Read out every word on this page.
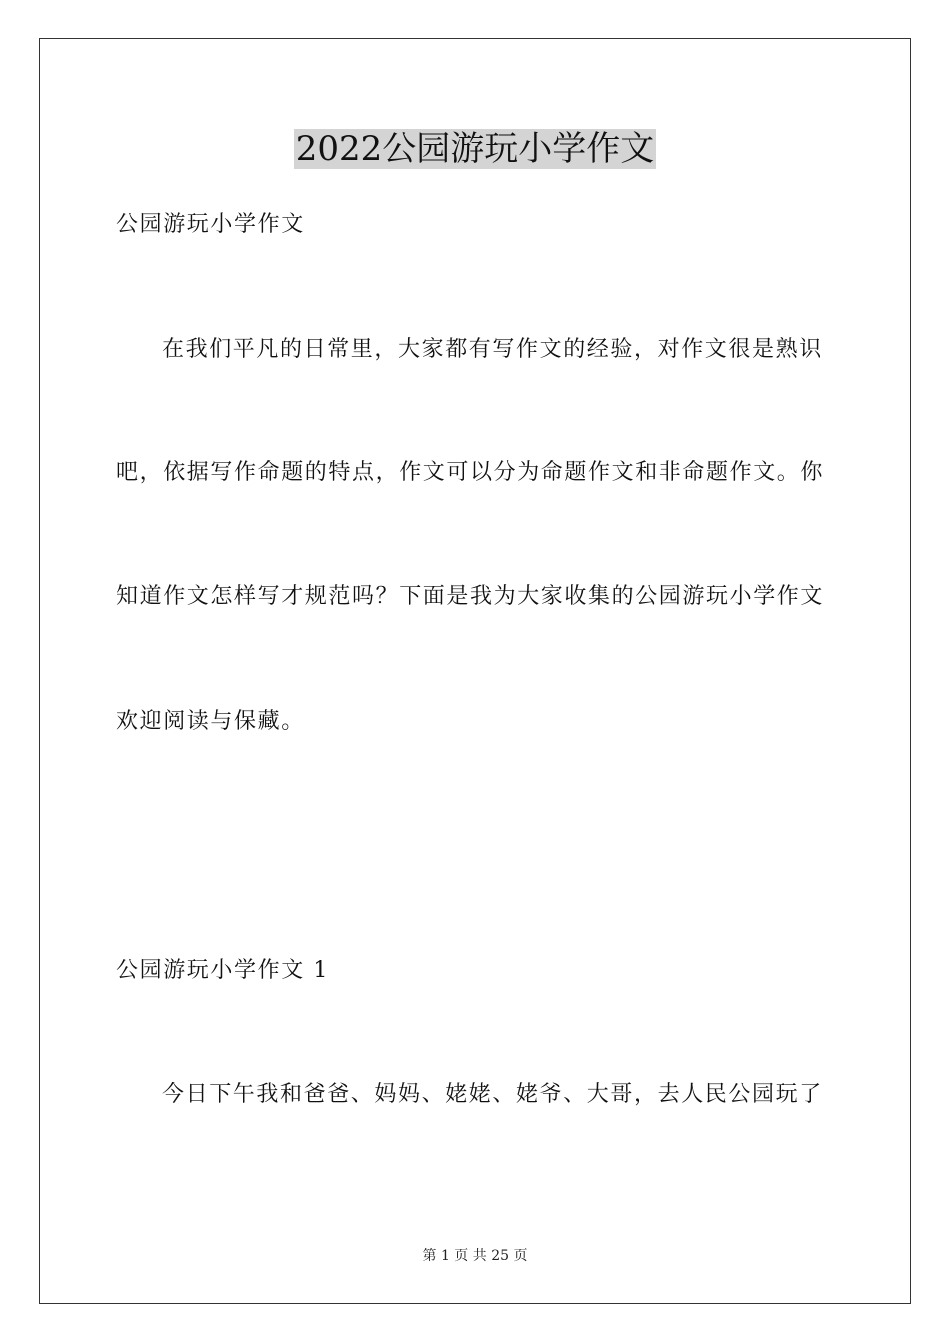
2022公园游玩小学作文
公园游玩小学作文
在我们平凡的日常里，大家都有写作文的经验，对作文很是熟识
吧，依据写作命题的特点，作文可以分为命题作文和非命题作文。你
知道作文怎样写才规范吗？下面是我为大家收集的公园游玩小学作文
欢迎阅读与保藏。
公园游玩小学作文 1
今日下午我和爸爸、妈妈、姥姥、姥爷、大哥，去人民公园玩了
第 1 页 共 25 页
